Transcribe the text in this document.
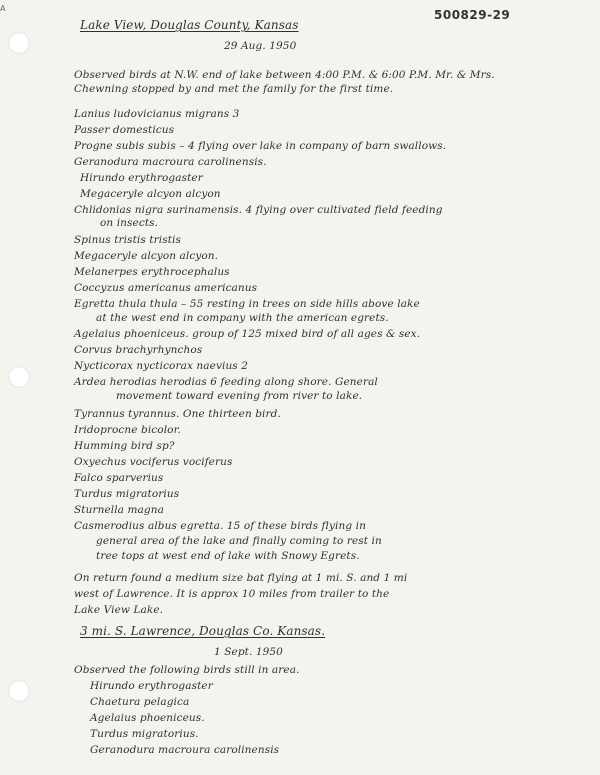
A	500829-29
Lake View, Douglas County, Kansas
29 Aug. 1950
Observed birds at N.W. end of lake between 4:00 P.M. & 6:00 P.M. Mr. & Mrs.
Chewning stopped by and met the family for the first time.
Lanius ludovicianus migrans 3
Passer domesticus
Progne subis subis – 4 flying over lake in company of barn swallows.
Geranodura macroura carolinensis.
Hirundo erythrogaster
Megaceryle alcyon alcyon
Chlidonias nigra surinamensis. 4 flying over cultivated field feeding
on insects.
Spinus tristis tristis
Megaceryle alcyon alcyon.
Melanerpes erythrocephalus
Coccyzus americanus americanus
Egretta thula thula – 55 resting in trees on side hills above lake
at the west end in company with the american egrets.
Agelaius phoeniceus. group of 125 mixed bird of all ages & sex.
Corvus brachyrhynchos
Nycticorax nycticorax naevius 2
Ardea herodias herodias 6 feeding along shore. General
movement toward evening from river to lake.
Tyrannus tyrannus. One thirteen bird.
Iridoprocne bicolor.
Humming bird sp?
Oxyechus vociferus vociferus
Falco sparverius
Turdus migratorius
Sturnella magna
Casmerodius albus egretta. 15 of these birds flying in
general area of the lake and finally coming to rest in
tree tops at west end of lake with Snowy Egrets.
On return found a medium size bat flying at 1 mi. S. and 1 mi
west of Lawrence. It is approx 10 miles from trailer to the
Lake View Lake.
3 mi. S. Lawrence, Douglas Co. Kansas.
1 Sept. 1950
Observed the following birds still in area.
Hirundo erythrogaster
Chaetura pelagica
Agelaius phoeniceus.
Turdus migratorius.
Geranodura macroura carolinensis
